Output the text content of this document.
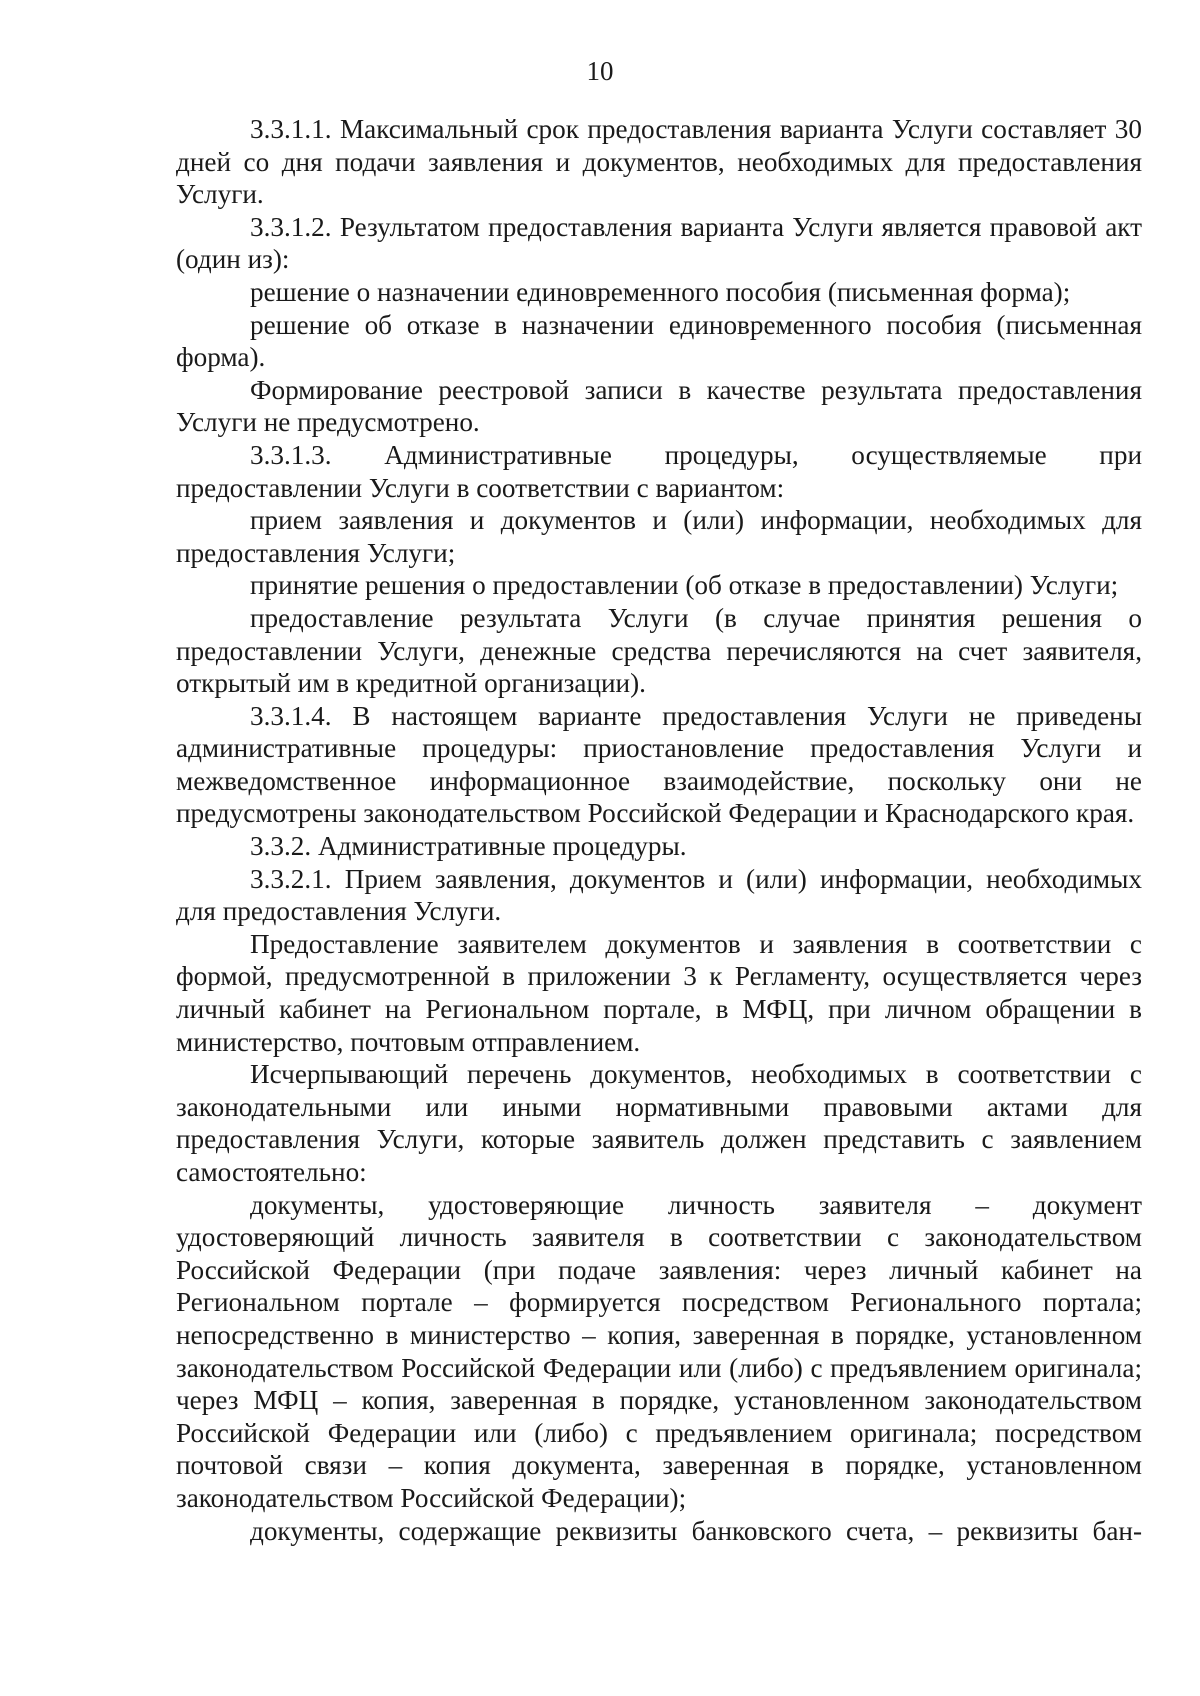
10

3.3.1.1. Максимальный срок предоставления варианта Услуги составляет 30 дней со дня подачи заявления и документов, необходимых для предоставления Услуги.

3.3.1.2. Результатом предоставления варианта Услуги является правовой акт (один из):

решение о назначении единовременного пособия (письменная форма);

решение об отказе в назначении единовременного пособия (письменная форма).

Формирование реестровой записи в качестве результата предоставления Услуги не предусмотрено.

3.3.1.3. Административные процедуры, осуществляемые при предоставлении Услуги в соответствии с вариантом:

прием заявления и документов и (или) информации, необходимых для предоставления Услуги;

принятие решения о предоставлении (об отказе в предоставлении) Услуги;

предоставление результата Услуги (в случае принятия решения о предоставлении Услуги, денежные средства перечисляются на счет заявителя, открытый им в кредитной организации).

3.3.1.4. В настоящем варианте предоставления Услуги не приведены административные процедуры: приостановление предоставления Услуги и межведомственное информационное взаимодействие, поскольку они не предусмотрены законодательством Российской Федерации и Краснодарского края.

3.3.2. Административные процедуры.

3.3.2.1. Прием заявления, документов и (или) информации, необходимых для предоставления Услуги.

Предоставление заявителем документов и заявления в соответствии с формой, предусмотренной в приложении 3 к Регламенту, осуществляется через личный кабинет на Региональном портале, в МФЦ, при личном обращении в министерство, почтовым отправлением.

Исчерпывающий перечень документов, необходимых в соответствии с законодательными или иными нормативными правовыми актами для предоставления Услуги, которые заявитель должен представить с заявлением самостоятельно:

документы, удостоверяющие личность заявителя – документ удостоверяющий личность заявителя в соответствии с законодательством Российской Федерации (при подаче заявления: через личный кабинет на Региональном портале – формируется посредством Регионального портала; непосредственно в министерство – копия, заверенная в порядке, установленном законодательством Российской Федерации или (либо) с предъявлением оригинала; через МФЦ – копия, заверенная в порядке, установленном законодательством Российской Федерации или (либо) с предъявлением оригинала; посредством почтовой связи – копия документа, заверенная в порядке, установленном законодательством Российской Федерации);

документы, содержащие реквизиты банковского счета, – реквизиты бан-
